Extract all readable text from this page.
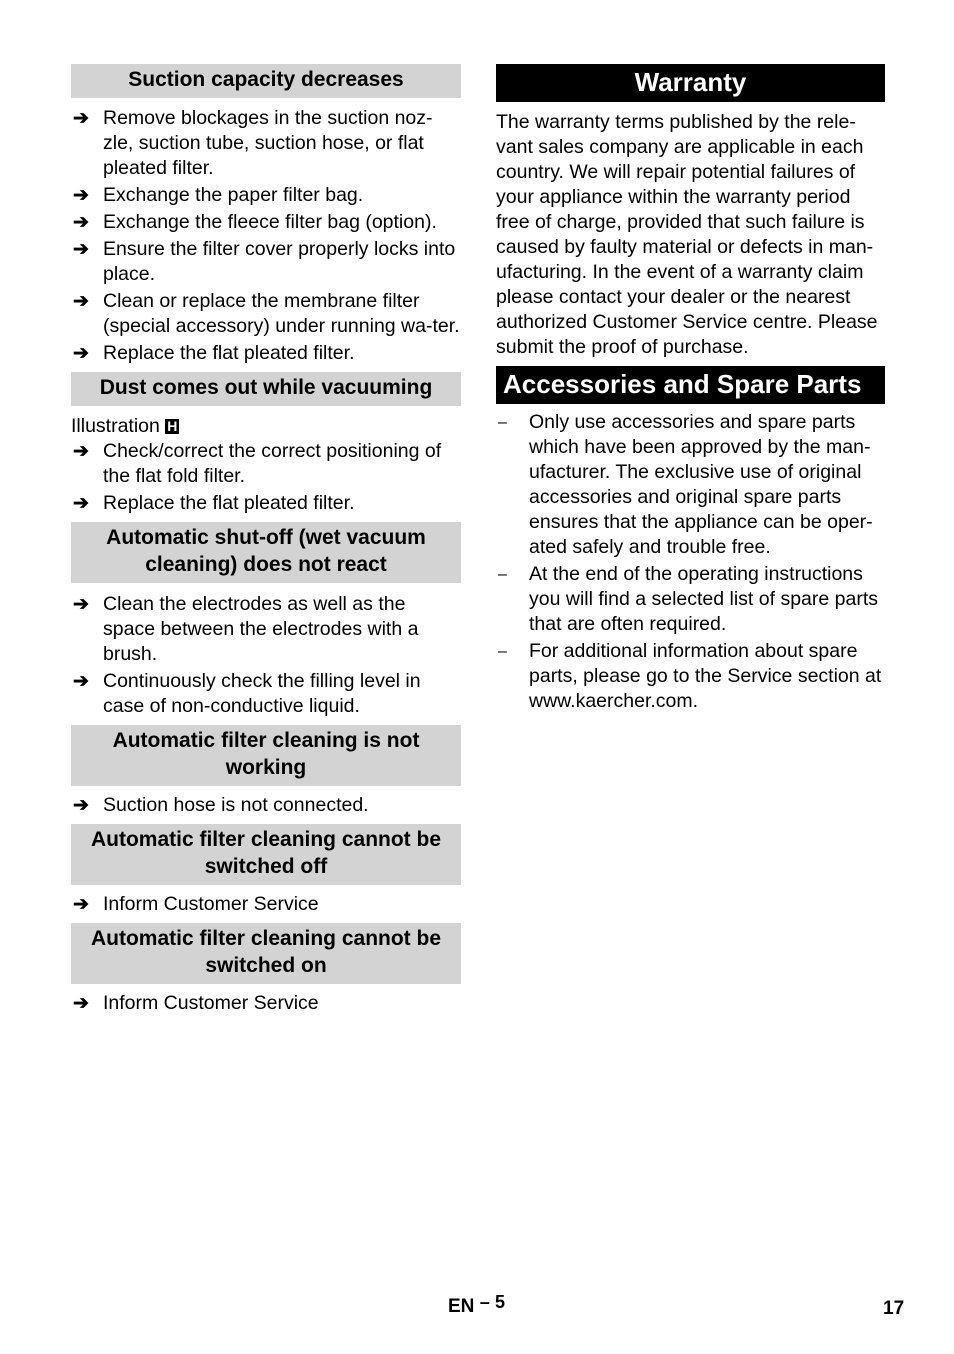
Suction capacity decreases
➔ Remove blockages in the suction noz-zle, suction tube, suction hose, or flat pleated filter.
➔ Exchange the paper filter bag.
➔ Exchange the fleece filter bag (option).
➔ Ensure the filter cover properly locks into place.
➔ Clean or replace the membrane filter (special accessory) under running wa-ter.
➔ Replace the flat pleated filter.
Dust comes out while vacuuming

Illustration H

➔ Check/correct the correct positioning of the flat fold filter.
➔ Replace the flat pleated filter.
Automatic shut-off (wet vacuum cleaning) does not react
➔ Clean the electrodes as well as the space between the electrodes with a brush.
➔ Continuously check the filling level in case of non-conductive liquid.
Automatic filter cleaning is not working
➔ Suction hose is not connected.
Automatic filter cleaning cannot be switched off
➔ Inform Customer Service
Automatic filter cleaning cannot be switched on
➔ Inform Customer Service
Warranty

The warranty terms published by the rele-vant sales company are applicable in each country. We will repair potential failures of your appliance within the warranty period free of charge, provided that such failure is caused by faulty material or defects in man-ufacturing. In the event of a warranty claim please contact your dealer or the nearest authorized Customer Service centre. Please submit the proof of purchase.

Accessories and Spare Parts
– Only use accessories and spare parts which have been approved by the man-ufacturer. The exclusive use of original accessories and original spare parts ensures that the appliance can be oper-ated safely and trouble free.
– At the end of the operating instructions you will find a selected list of spare parts that are often required.
– For additional information about spare parts, please go to the Service section at www.kaercher.com.
EN – 5	17
